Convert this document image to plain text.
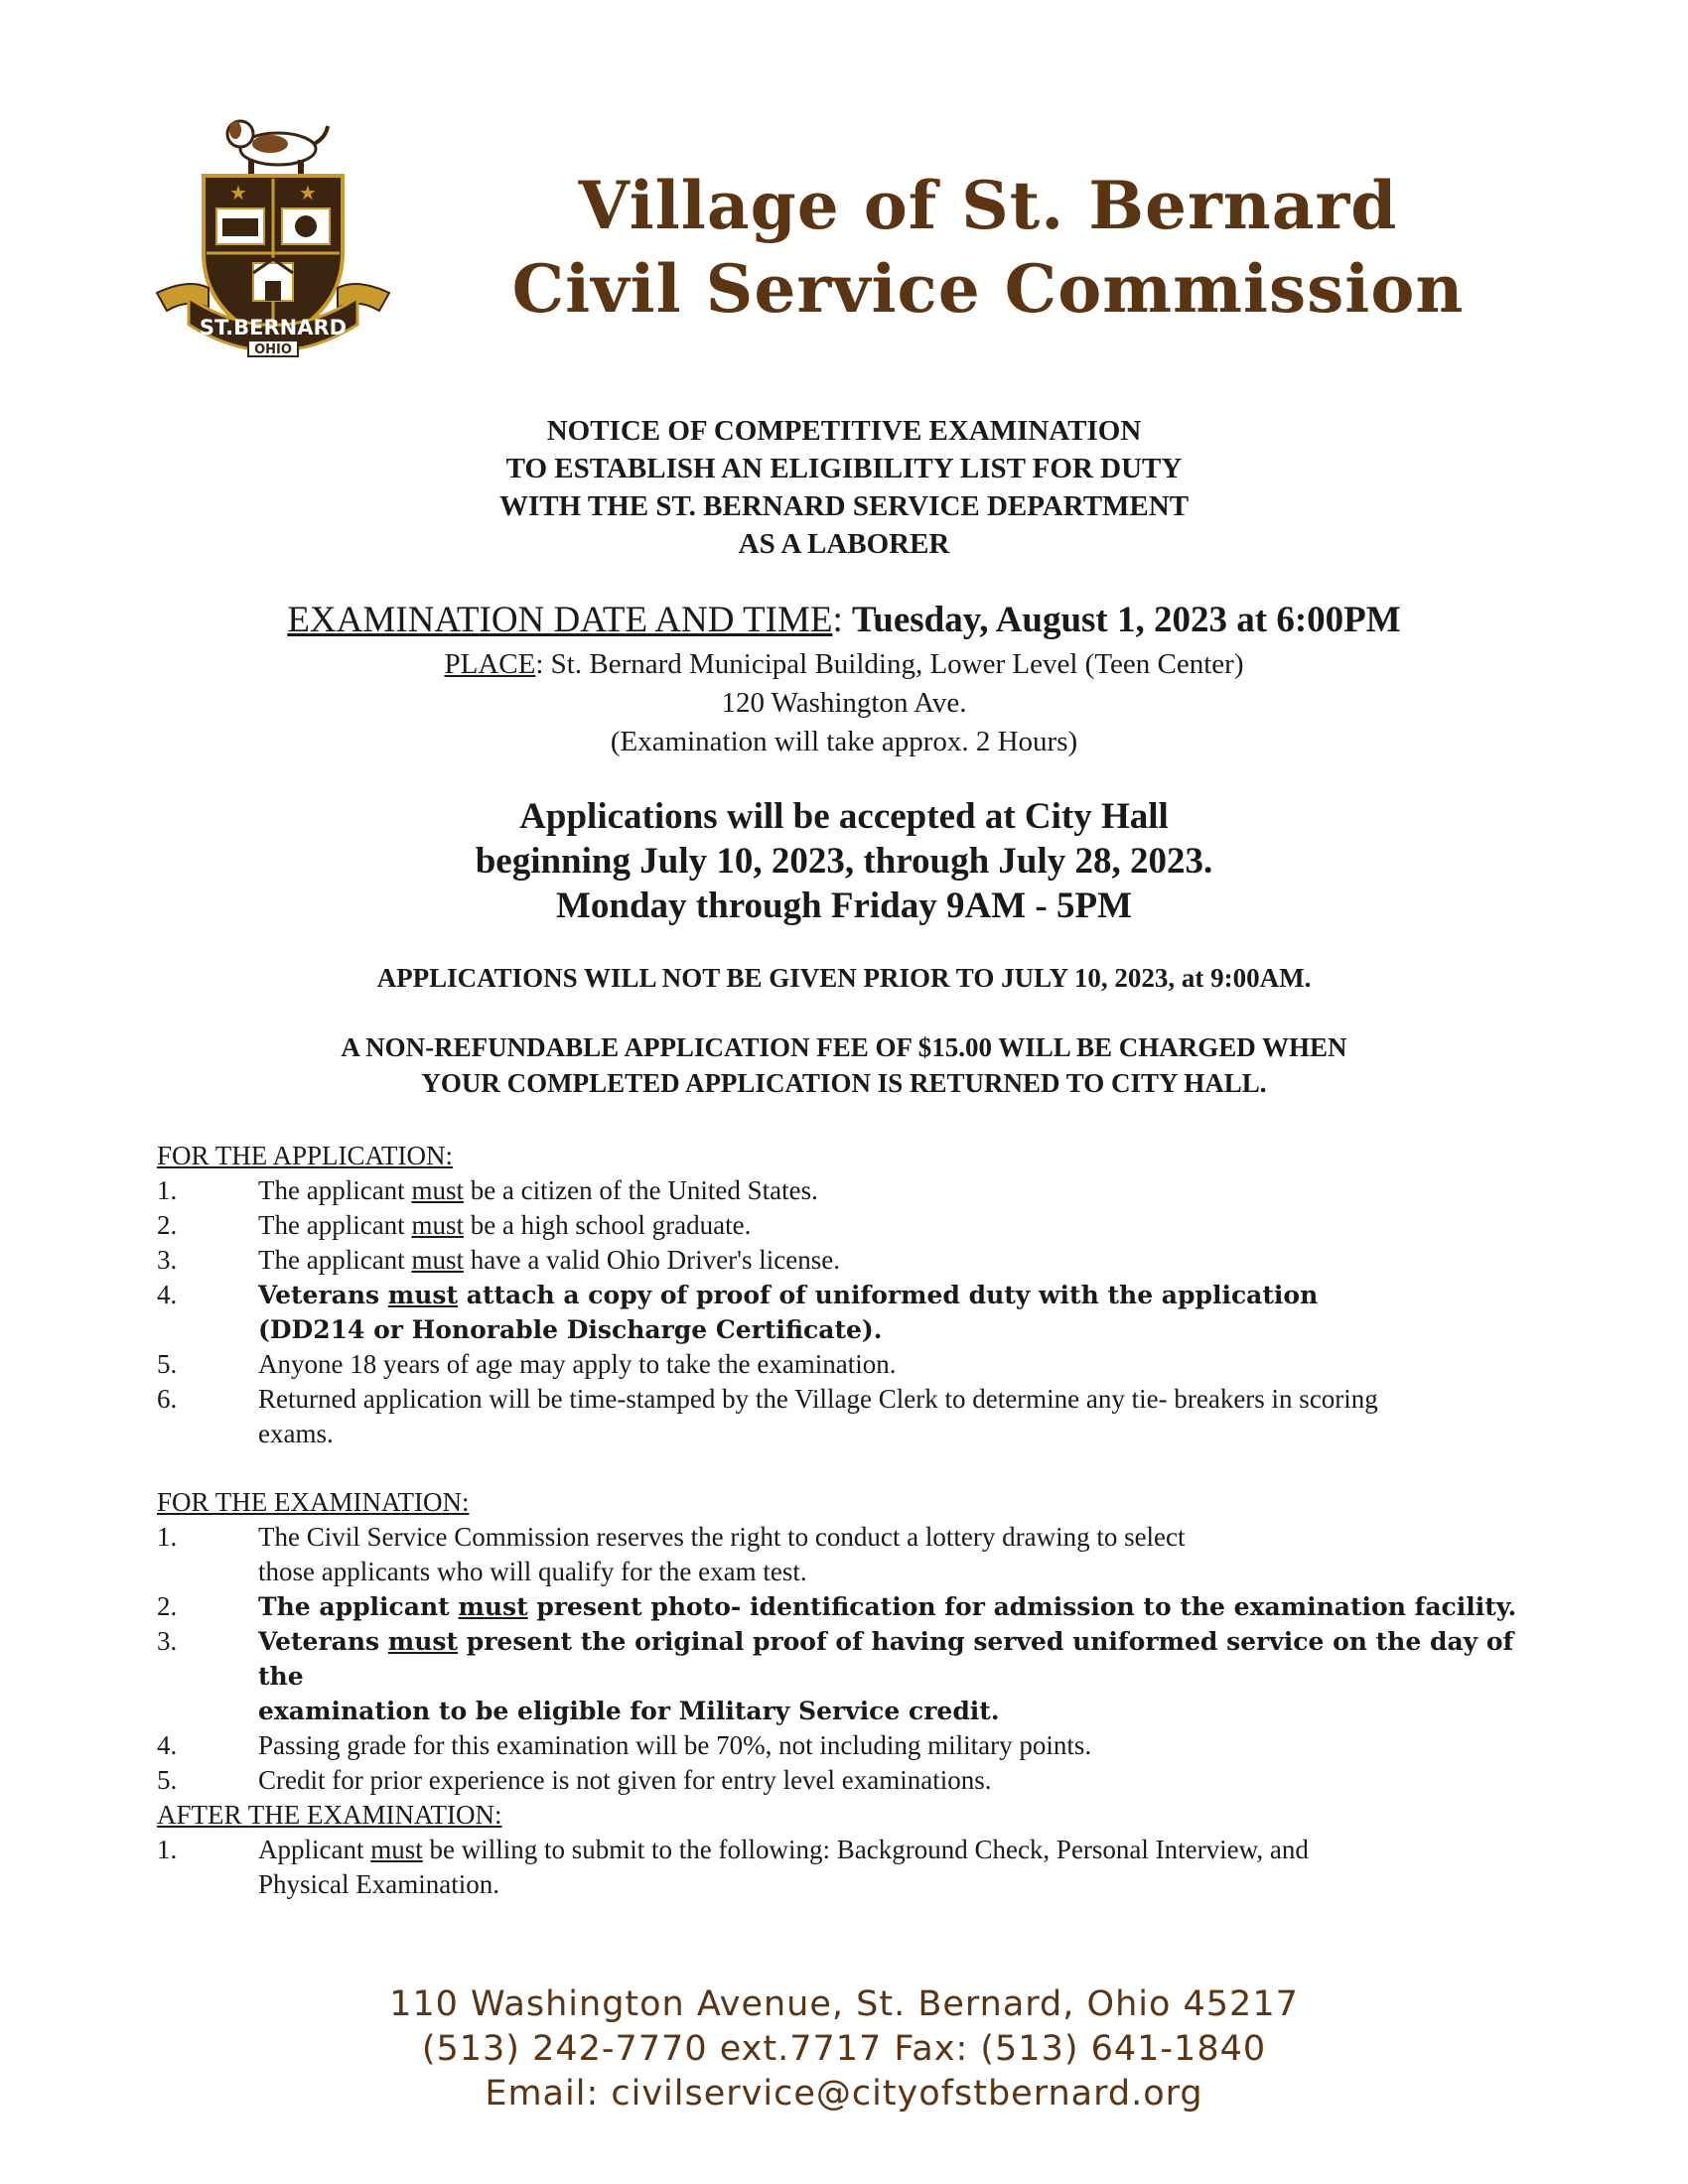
★	★
ST.BERNARD
OHIO
Village of St. Bernard
Civil Service Commission
NOTICE OF COMPETITIVE EXAMINATION
TO ESTABLISH AN ELIGIBILITY LIST FOR DUTY
WITH THE ST. BERNARD SERVICE DEPARTMENT
AS A LABORER
EXAMINATION DATE AND TIME: Tuesday, August 1, 2023 at 6:00PM
PLACE: St. Bernard Municipal Building, Lower Level (Teen Center)
120 Washington Ave.
(Examination will take approx. 2 Hours)
Applications will be accepted at City Hall
beginning July 10, 2023, through July 28, 2023.
Monday through Friday 9AM - 5PM
APPLICATIONS WILL NOT BE GIVEN PRIOR TO JULY 10, 2023, at 9:00AM.
A NON-REFUNDABLE APPLICATION FEE OF $15.00 WILL BE CHARGED WHEN
YOUR COMPLETED APPLICATION IS RETURNED TO CITY HALL.
FOR THE APPLICATION:
1.	The applicant must be a citizen of the United States.
2.	The applicant must be a high school graduate.
3.	The applicant must have a valid Ohio Driver's license.
4.	Veterans must attach a copy of proof of uniformed duty with the application
(DD214 or Honorable Discharge Certificate).
5.	Anyone 18 years of age may apply to take the examination.
6.	Returned application will be time-stamped by the Village Clerk to determine any tie- breakers in scoring
exams.
FOR THE EXAMINATION:
1.	The Civil Service Commission reserves the right to conduct a lottery drawing to select
those applicants who will qualify for the exam test.
2.	The applicant must present photo- identification for admission to the examination facility.
3.	Veterans must present the original proof of having served uniformed service on the day of the
examination to be eligible for Military Service credit.
4.	Passing grade for this examination will be 70%, not including military points.
5.	Credit for prior experience is not given for entry level examinations.
AFTER THE EXAMINATION:
1.	Applicant must be willing to submit to the following: Background Check, Personal Interview, and
Physical Examination.
110 Washington Avenue, St. Bernard, Ohio 45217
(513) 242-7770 ext.7717 Fax: (513) 641-1840
Email: civilservice@cityofstbernard.org
